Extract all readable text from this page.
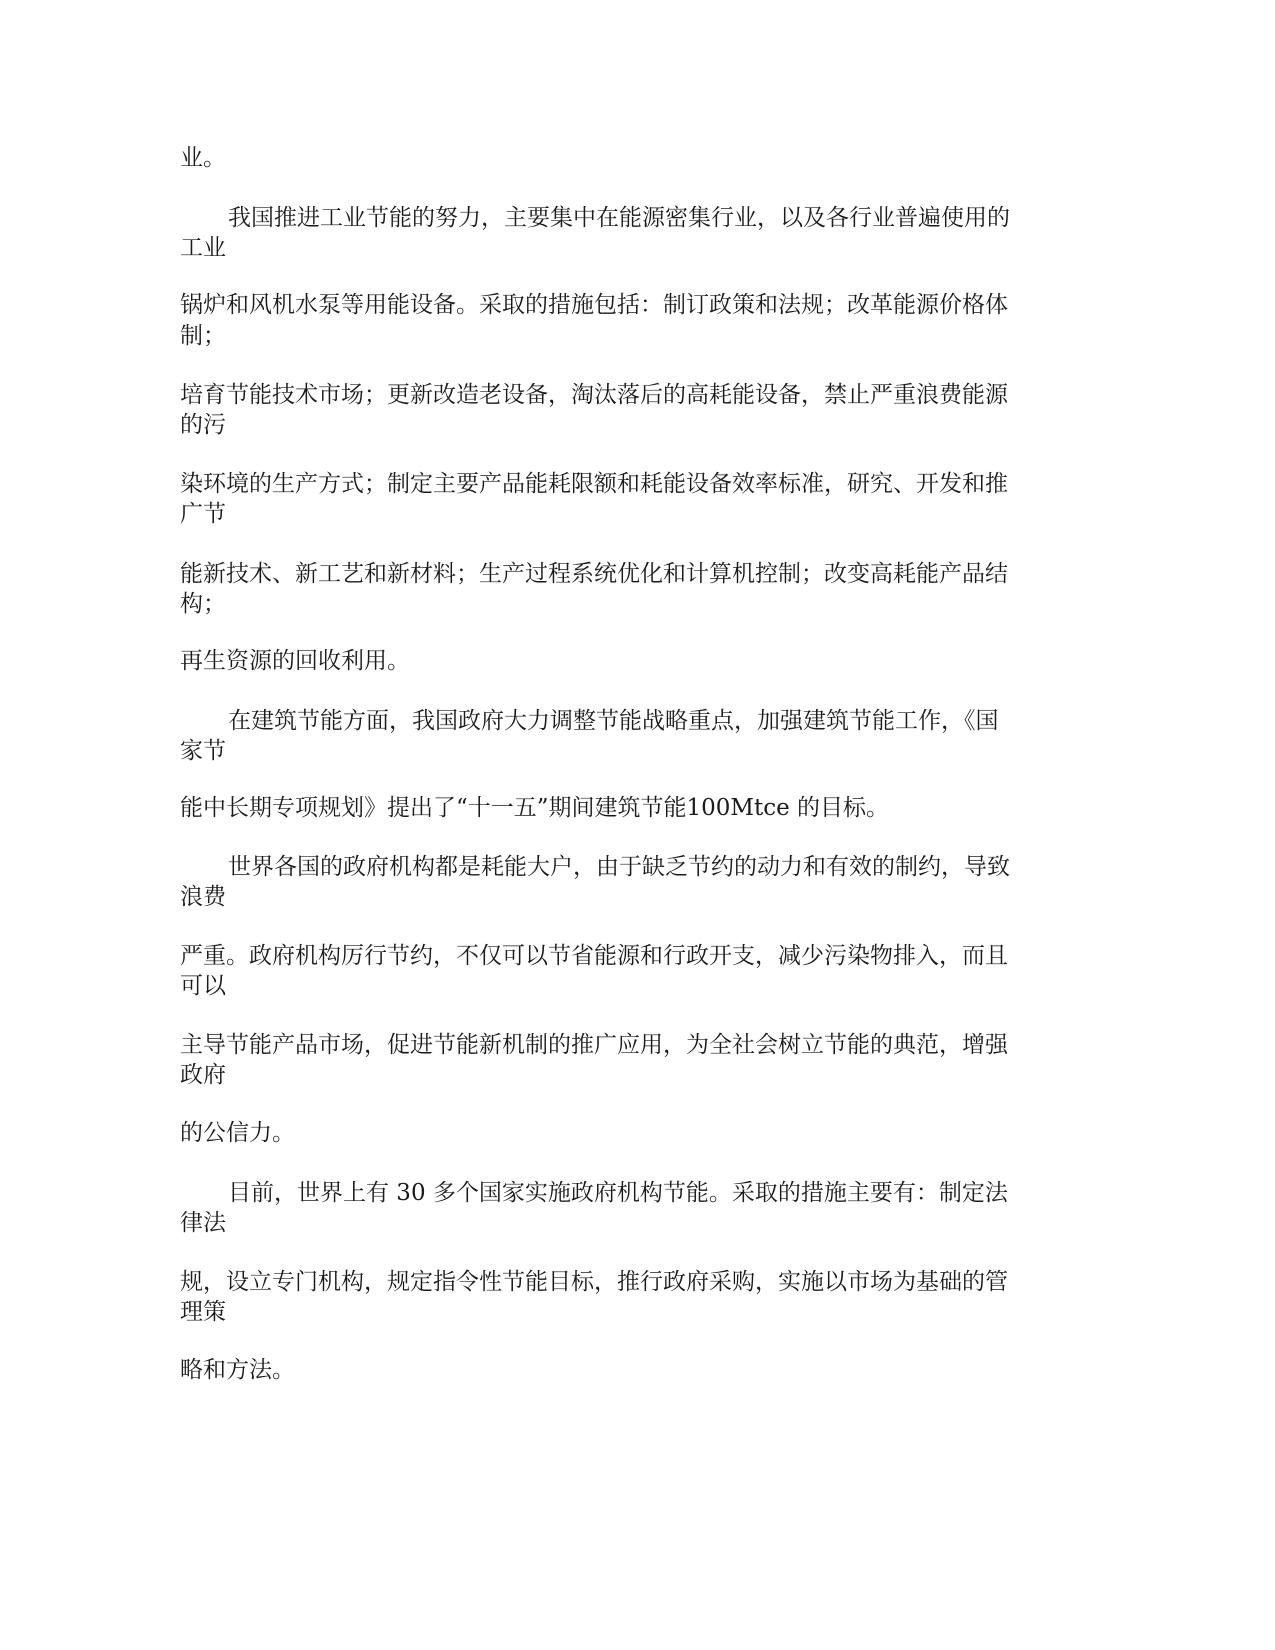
业。

我国推进工业节能的努力，主要集中在能源密集行业，以及各行业普遍使用的

工业

锅炉和风机水泵等用能设备。采取的措施包括：制订政策和法规；改革能源价格体

制；

培育节能技术市场；更新改造老设备，淘汰落后的高耗能设备，禁止严重浪费能源

的污

染环境的生产方式；制定主要产品能耗限额和耗能设备效率标准，研究、开发和推

广节

能新技术、新工艺和新材料；生产过程系统优化和计算机控制；改变高耗能产品结

构；

再生资源的回收利用。

在建筑节能方面，我国政府大力调整节能战略重点，加强建筑节能工作，《国

家节

能中长期专项规划》提出了“十一五”期间建筑节能100Mtce 的目标。

世界各国的政府机构都是耗能大户，由于缺乏节约的动力和有效的制约，导致

浪费

严重。政府机构厉行节约，不仅可以节省能源和行政开支，减少污染物排入，而且

可以

主导节能产品市场，促进节能新机制的推广应用，为全社会树立节能的典范，增强

政府

的公信力。

目前，世界上有 30 多个国家实施政府机构节能。采取的措施主要有：制定法

律法

规，设立专门机构，规定指令性节能目标，推行政府采购，实施以市场为基础的管

理策

略和方法。
